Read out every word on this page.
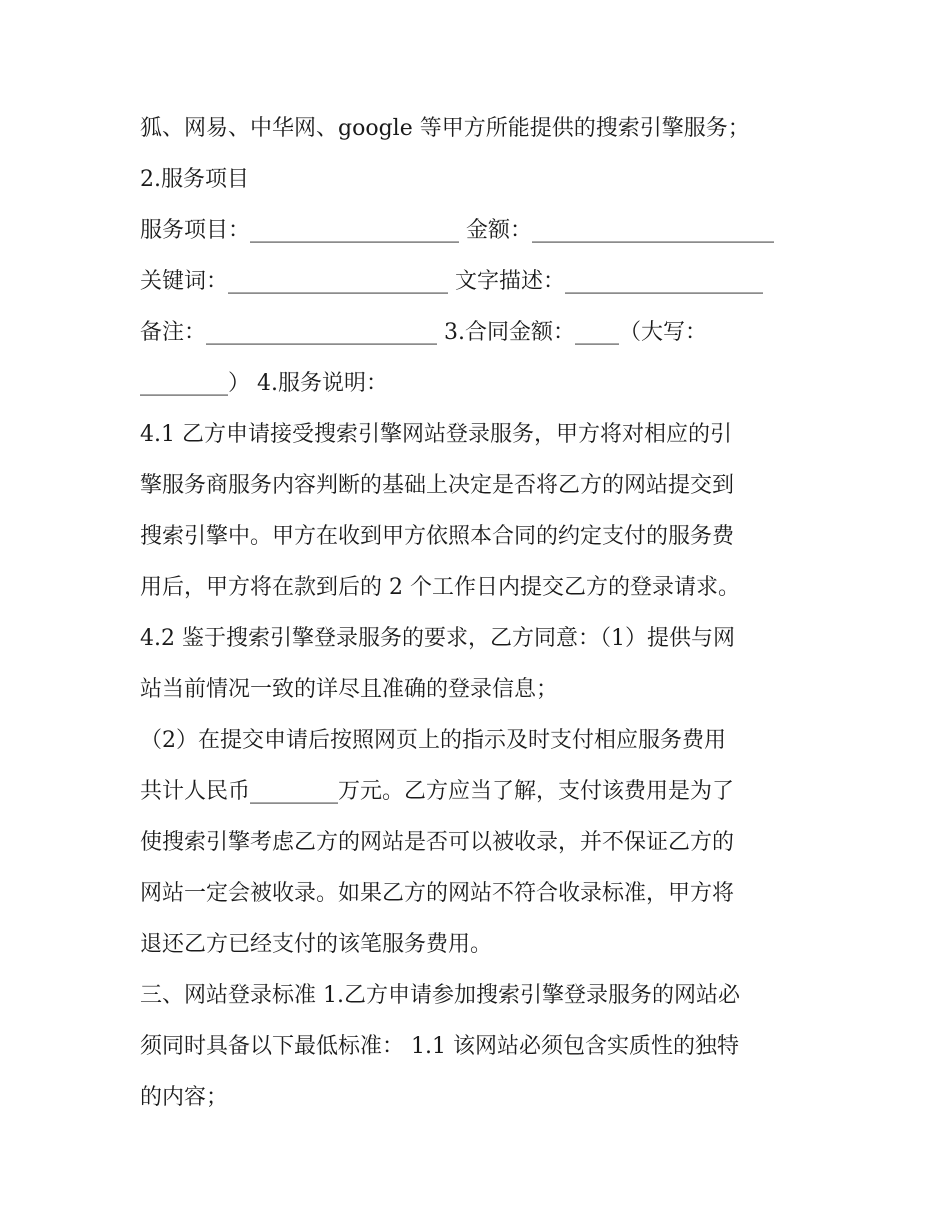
狐、网易、中华网、google 等甲方所能提供的搜索引擎服务；
2.服务项目
服务项目：___________________ 金额：______________________
关键词：____________________ 文字描述：__________________
备注：_____________________ 3.合同金额：____（大写：
________） 4.服务说明：
4.1 乙方申请接受搜索引擎网站登录服务，甲方将对相应的引
擎服务商服务内容判断的基础上决定是否将乙方的网站提交到
搜索引擎中。甲方在收到甲方依照本合同的约定支付的服务费
用后，甲方将在款到后的 2 个工作日内提交乙方的登录请求。
4.2 鉴于搜索引擎登录服务的要求，乙方同意：（1）提供与网
站当前情况一致的详尽且准确的登录信息；
（2）在提交申请后按照网页上的指示及时支付相应服务费用
共计人民币________万元。乙方应当了解，支付该费用是为了
使搜索引擎考虑乙方的网站是否可以被收录，并不保证乙方的
网站一定会被收录。如果乙方的网站不符合收录标准，甲方将
退还乙方已经支付的该笔服务费用。
三、网站登录标准 1.乙方申请参加搜索引擎登录服务的网站必
须同时具备以下最低标准： 1.1 该网站必须包含实质性的独特
的内容；
